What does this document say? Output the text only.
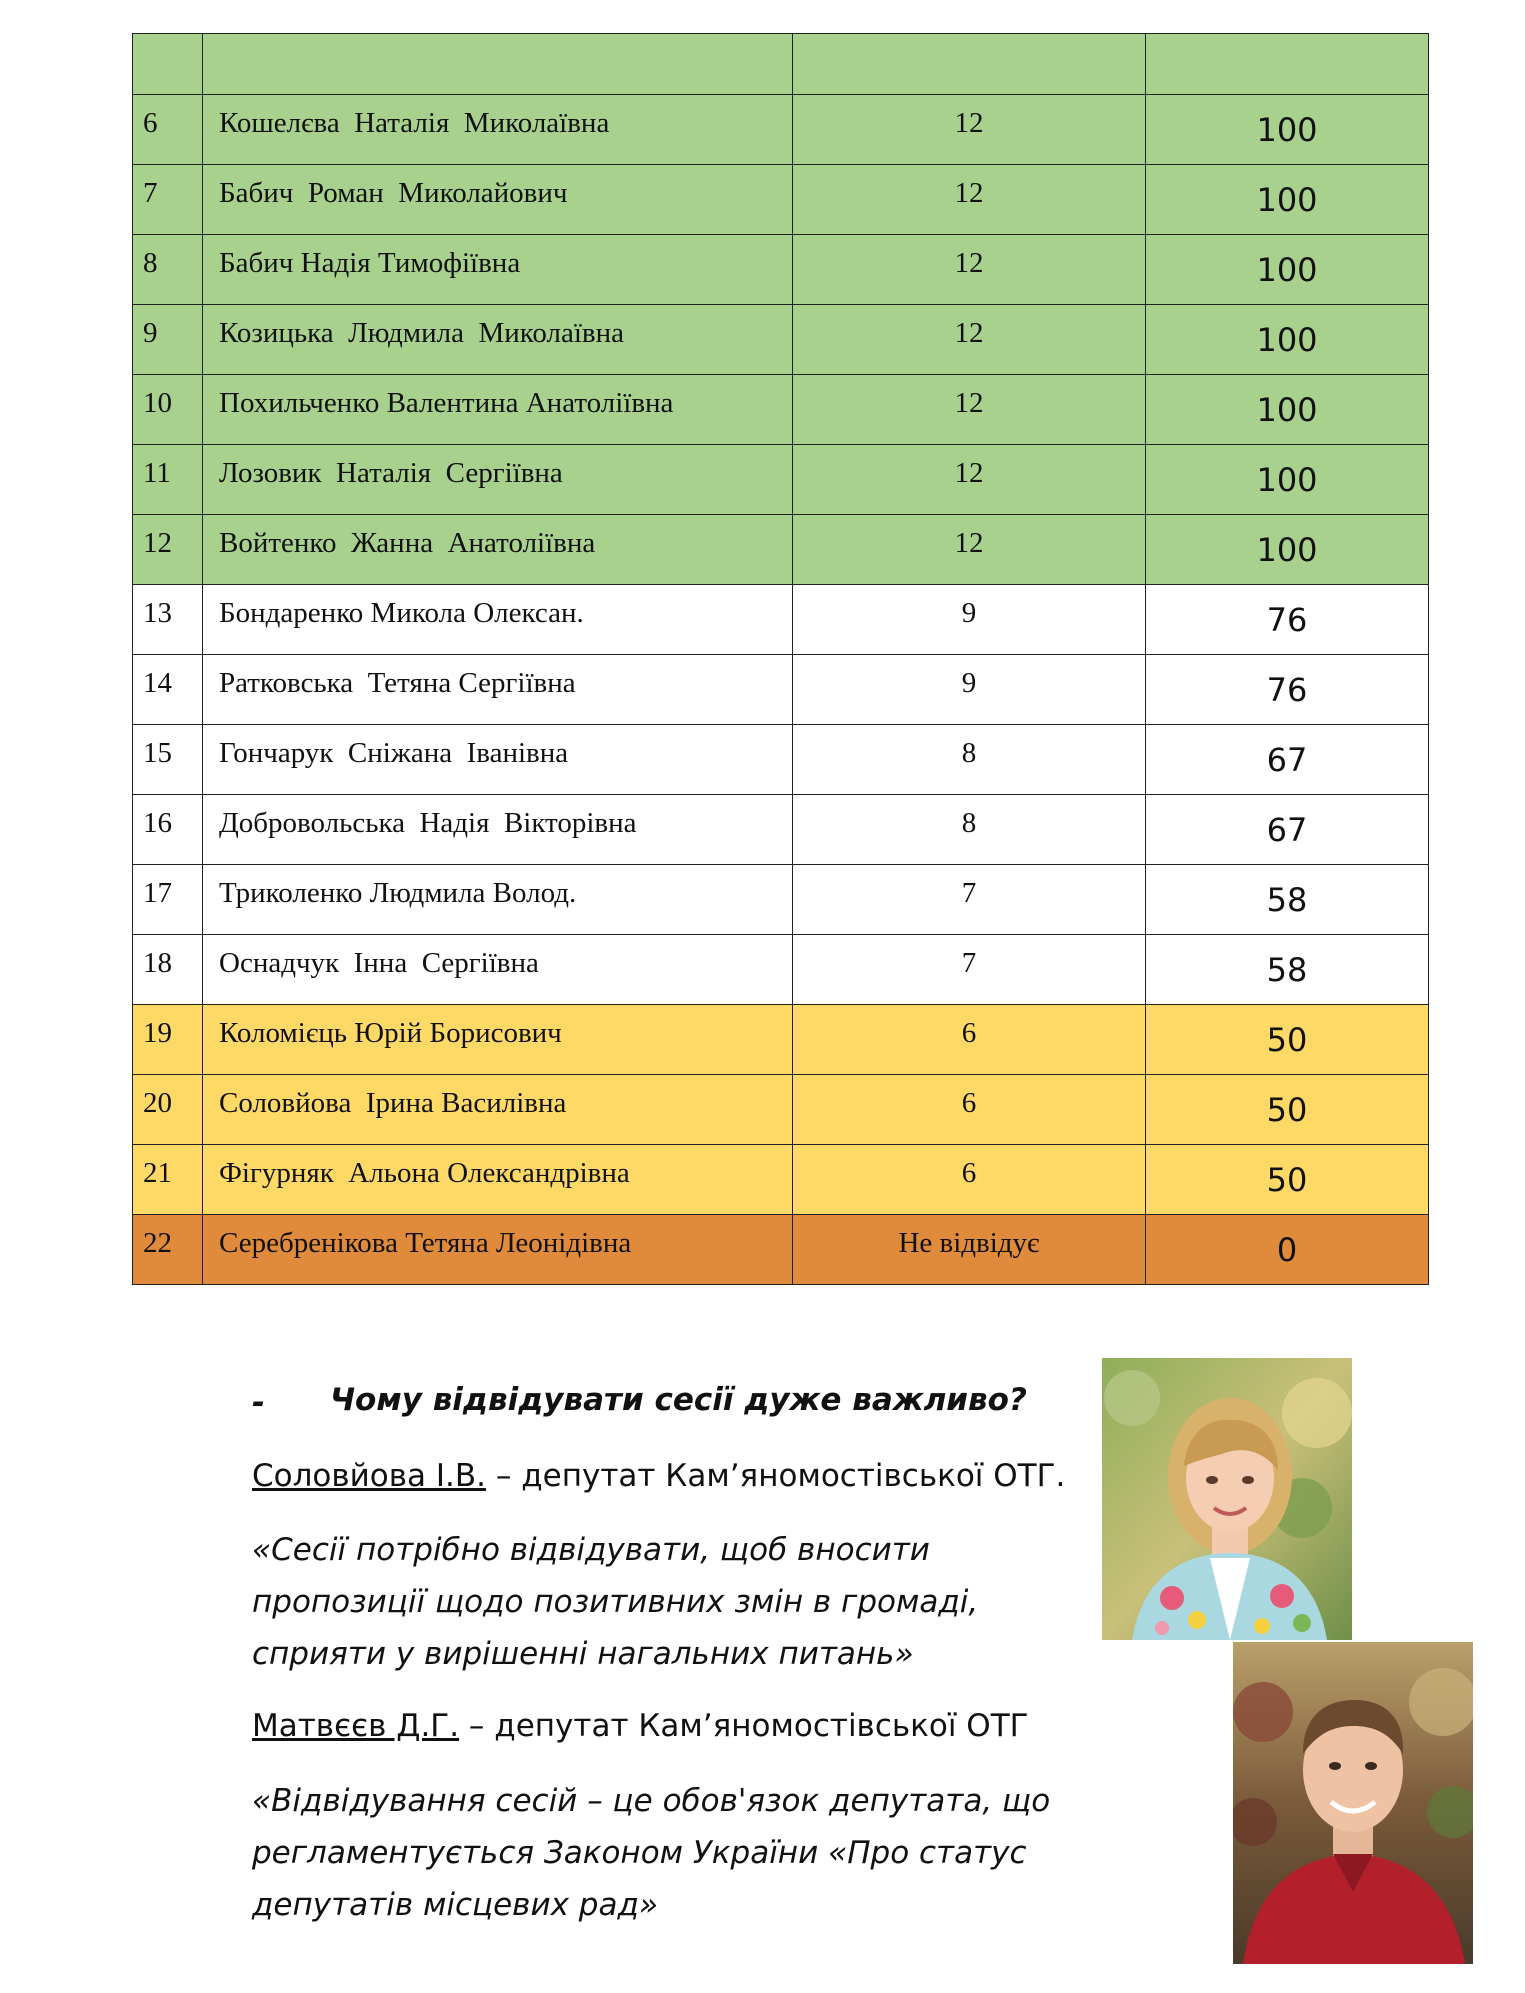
6	Кошелєва  Наталія  Миколаївна	12	100
7	Бабич  Роман  Миколайович	12	100
8	Бабич Надія Тимофіївна	12	100
9	Козицька  Людмила  Миколаївна	12	100
10	Похильченко Валентина Анатоліївна	12	100
11	Лозовик  Наталія  Сергіївна	12	100
12	Войтенко  Жанна  Анатоліївна	12	100
13	Бондаренко Микола Олексан.	9	76
14	Ратковська  Тетяна Сергіївна	9	76
15	Гончарук  Сніжана  Іванівна	8	67
16	Добровольська  Надія  Вікторівна	8	67
17	Триколенко Людмила Волод.	7	58
18	Оснадчук  Інна  Сергіївна	7	58
19	Коломієць Юрій Борисович	6	50
20	Соловйова  Ірина Василівна	6	50
21	Фігурняк  Альона Олександрівна	6	50
22	Серебренікова Тетяна Леонідівна	Не відвідує	0
- Чому відвідувати сесії дуже важливо?
Соловйова І.В. – депутат Кам’яномостівської ОТГ.
«Сесії потрібно відвідувати, щоб вносити
пропозиції щодо позитивних змін в громаді,
сприяти у вирішенні нагальних питань»
Матвєєв Д.Г. – депутат Кам’яномостівської ОТГ
«Відвідування сесій – це обов'язок депутата, що
регламентується Законом України «Про статус
депутатів місцевих рад»
